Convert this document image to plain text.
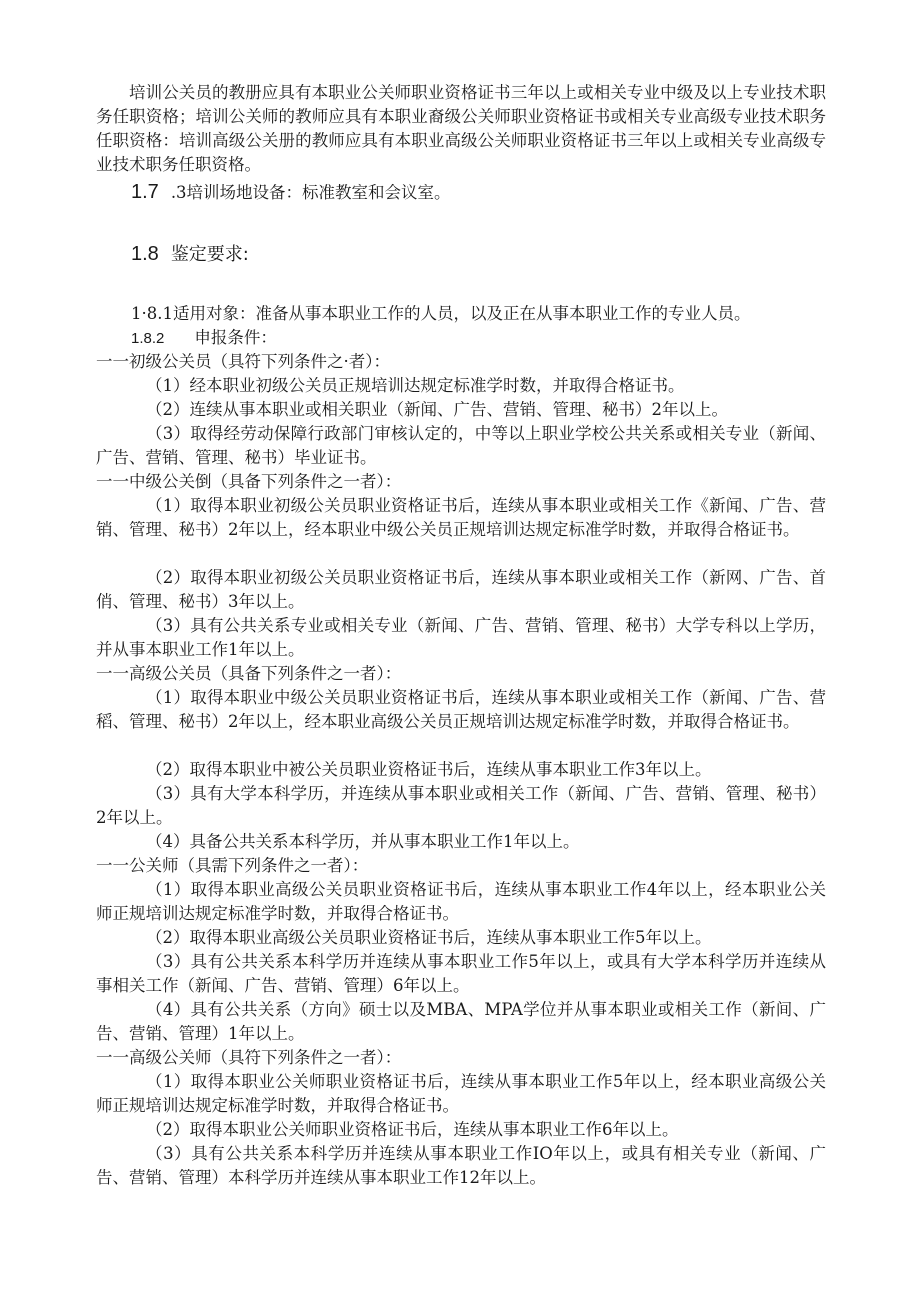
培训公关员的教册应具有本职业公关师职业资格证书三年以上或相关专业中级及以上专业技术职务任职资格；培训公关师的教师应具有本职业裔级公关师职业资格证书或相关专业高级专业技术职务任职资格：培训高级公关册的教师应具有本职业高级公关师职业资格证书三年以上或相关专业高级专业技术职务任职资格。

1.7 .3培训场地设备：标准教室和会议室。
1.8 鉴定要求:

1·8.1适用对象：准备从事本职业工作的人员，以及正在从事本职业工作的专业人员。

1.8.2 申报条件：

一一初级公关员（具符下列条件之·者）：

（1）经本职业初级公关员正规培训达规定标准学时数，并取得合格证书。

（2）连续从事本职业或相关职业（新闻、广告、营销、管理、秘书）2年以上。

（3）取得经劳动保障行政部门审核认定的，中等以上职业学校公共关系或相关专业（新闻、广告、营销、管理、秘书）毕业证书。

一一中级公关倒（具备下列条件之一者）：

（1）取得本职业初级公关员职业资格证书后，连续从事本职业或相关工作《新闻、广告、营销、管理、秘书）2年以上，经本职业中级公关员正规培训达规定标准学时数，并取得合格证书。

（2）取得本职业初级公关员职业资格证书后，连续从事本职业或相关工作（新网、广告、首俏、管理、秘书）3年以上。

（3）具有公共关系专业或相关专业（新闻、广告、营销、管理、秘书）大学专科以上学历，并从事本职业工作1年以上。

一一高级公关员（具备下列条件之一者）：

（1）取得本职业中级公关员职业资格证书后，连续从事本职业或相关工作（新闻、广告、营稻、管理、秘书）2年以上，经本职业高级公关员正规培训达规定标准学时数，并取得合格证书。

（2）取得本职业中被公关员职业资格证书后，连续从事本职业工作3年以上。

（3）具有大学本科学历，并连续从事本职业或相关工作（新闻、广告、营销、管理、秘书）2年以上。

（4）具备公共关系本科学历，并从事本职业工作1年以上。

一一公关师（具需下列条件之一者）：

（1）取得本职业高级公关员职业资格证书后，连续从事本职业工作4年以上，经本职业公关师正规培训达规定标准学时数，并取得合格证书。

（2）取得本职业高级公关员职业资格证书后，连续从事本职业工作5年以上。

（3）具有公共关系本科学历并连续从事本职业工作5年以上，或具有大学本科学历并连续从事相关工作（新闻、广告、营销、管理）6年以上。

（4）具有公共关系（方向》硕士以及MBA、MPA学位并从事本职业或相关工作（新间、广告、营销、管理）1年以上。

一一高级公关师（具符下列条件之一者）：

（1）取得本职业公关师职业资格证书后，连续从事本职业工作5年以上，经本职业高级公关师正规培训达规定标准学时数，并取得合格证书。

（2）取得本职业公关师职业资格证书后，连续从事本职业工作6年以上。

（3）具有公共关系本科学历并连续从事本职业工作IO年以上，或具有相关专业（新闻、广告、营销、管理）本科学历并连续从事本职业工作12年以上。
